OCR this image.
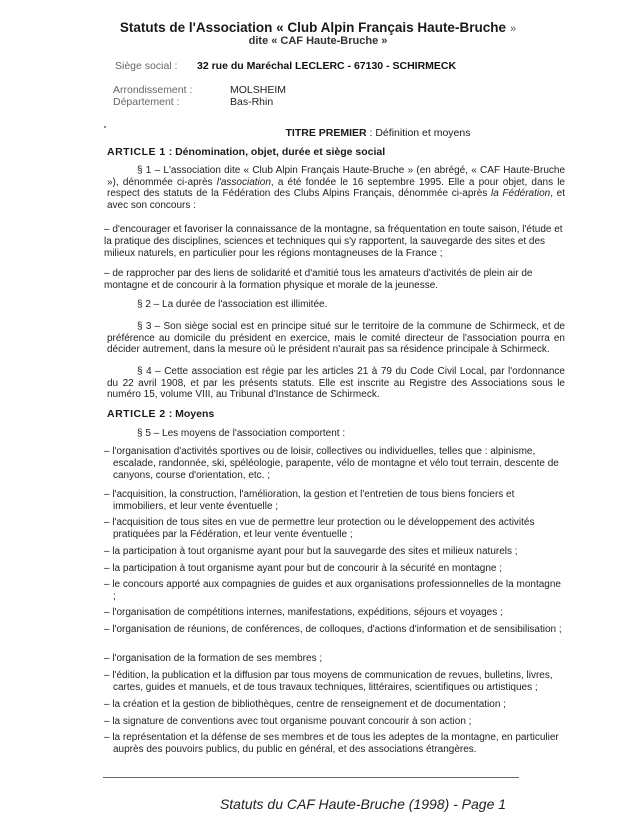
Statuts de l'Association « Club Alpin Français Haute-Bruche »
dite « CAF Haute-Bruche »
Siège social : 32 rue du Maréchal LECLERC - 67130 - SCHIRMECK
Arrondissement :	MOLSHEIM
Département :	Bas-Rhin
TITRE PREMIER : Définition et moyens
ARTICLE 1 : Dénomination, objet, durée et siège social
§ 1 – L'association dite « Club Alpin Français Haute-Bruche » (en abrégé, « CAF Haute-Bruche »), dénommée ci-après l'association, a été fondée le 16 septembre 1995. Elle a pour objet, dans le respect des statuts de la Fédération des Clubs Alpins Français, dénommée ci-après la Fédération, et avec son concours :
– d'encourager et favoriser la connaissance de la montagne, sa fréquentation en toute saison, l'étude et la pratique des disciplines, sciences et techniques qui s'y rapportent, la sauvegarde des sites et des milieux naturels, en particulier pour les régions montagneuses de la France ;
– de rapprocher par des liens de solidarité et d'amitié tous les amateurs d'activités de plein air de montagne et de concourir à la formation physique et morale de la jeunesse.
§ 2 – La durée de l'association est illimitée.
§ 3 – Son siège social est en principe situé sur le territoire de la commune de Schirmeck, et de préférence au domicile du président en exercice, mais le comité directeur de l'association pourra en décider autrement, dans la mesure où le président n'aurait pas sa résidence principale à Schirmeck.
§ 4 – Cette association est régie par les articles 21 à 79 du Code Civil Local, par l'ordonnance du 22 avril 1908, et par les présents statuts. Elle est inscrite au Registre des Associations sous le numéro 15, volume VIII, au Tribunal d'Instance de Schirmeck.
ARTICLE 2 : Moyens
§ 5 – Les moyens de l'association comportent :
– l'organisation d'activités sportives ou de loisir, collectives ou individuelles, telles que : alpinisme, escalade, randonnée, ski, spéléologie, parapente, vélo de montagne et vélo tout terrain, descente de canyons, course d'orientation, etc. ;
– l'acquisition, la construction, l'amélioration, la gestion et l'entretien de tous biens fonciers et immobiliers, et leur vente éventuelle ;
– l'acquisition de tous sites en vue de permettre leur protection ou le développement des activités pratiquées par la Fédération, et leur vente éventuelle ;
– la participation à tout organisme ayant pour but la sauvegarde des sites et milieux naturels ;
– la participation à tout organisme ayant pour but de concourir à la sécurité en montagne ;
– le concours apporté aux compagnies de guides et aux organisations professionnelles de la montagne ;
– l'organisation de compétitions internes, manifestations, expéditions, séjours et voyages ;
– l'organisation de réunions, de conférences, de colloques, d'actions d'information et de sensibilisation ;
– l'organisation de la formation de ses membres ;
– l'édition, la publication et la diffusion par tous moyens de communication de revues, bulletins, livres, cartes, guides et manuels, et de tous travaux techniques, littéraires, scientifiques ou artistiques ;
– la création et la gestion de bibliothèques, centre de renseignement et de documentation ;
– la signature de conventions avec tout organisme pouvant concourir à son action ;
– la représentation et la défense de ses membres et de tous les adeptes de la montagne, en particulier auprès des pouvoirs publics, du public en général, et des associations étrangères.
Statuts du CAF Haute-Bruche (1998) - Page 1
